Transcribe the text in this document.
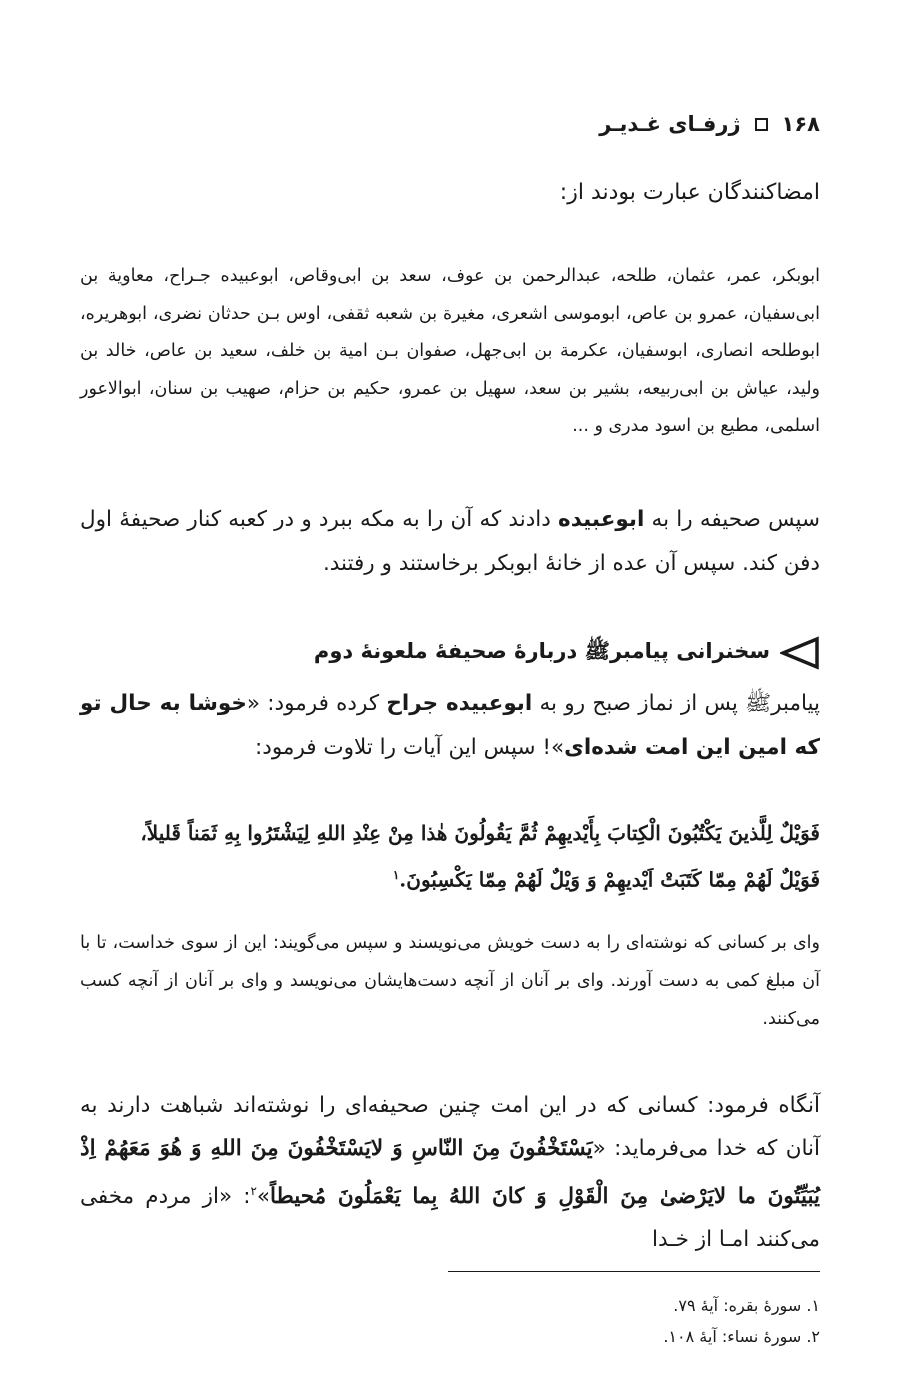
۱۶۸
ژرفـای غـدیـر
امضاکنندگان عبارت بودند از:
ابوبکر، عمر، عثمان، طلحه، عبدالرحمن بن عوف، سعد بن ابی‌وقاص، ابوعبیده جـراح، معاویة بن ابی‌سفیان، عمرو بن عاص، ابوموسی اشعری، مغیرة بن شعبه ثقفی، اوس بـن حدثان نضری، ابوهریره، ابوطلحه انصاری، ابوسفیان، عکرمة بن ابی‌جهل، صفوان بـن امیة بن خلف، سعید بن عاص، خالد بن ولید، عیاش بن ابی‌ربیعه، بشیر بن سعد، سهیل بن عمرو، حکیم بن حزام، صهیب بن سنان، ابوالاعور اسلمی، مطیع بن اسود مدری و ...
سپس صحیفه را به ابوعبیده دادند که آن را به مکه ببرد و در کعبه کنار صحیفهٔ اول دفن کند. سپس آن عده از خانهٔ ابوبکر برخاستند و رفتند.
سخنرانی پیامبرﷺ دربارهٔ صحیفهٔ ملعونهٔ دوم
پیامبرﷺ پس از نماز صبح رو به ابوعبیده جراح کرده فرمود: «خوشا به حال تو که امین این امت شده‌ای»! سپس این آیات را تلاوت فرمود:
فَوَیْلٌ لِلَّذینَ یَکْتُبُونَ الْکِتابَ بِأَیْدیهِمْ ثُمَّ یَقُولُونَ هٰذا مِنْ عِنْدِ اللهِ لِیَشْتَرُوا بِهِ ثَمَناً قَلیلاً،
فَوَیْلٌ لَهُمْ مِمّا کَتَبَتْ اَیْدیهِمْ وَ وَیْلٌ لَهُمْ مِمّا یَکْسِبُونَ.$^۱$
وای بر کسانی که نوشته‌ای را به دست خویش می‌نویسند و سپس می‌گویند: این از سوی خداست، تا با آن مبلغ کمی به دست آورند. وای بر آنان از آنچه دست‌هایشان می‌نویسد و وای بر آنان از آنچه کسب می‌کنند.
آنگاه فرمود: کسانی که در این امت چنین صحیفه‌ای را نوشته‌اند شباهت دارند به آنان که خدا می‌فرماید: «یَسْتَخْفُونَ مِنَ النّاسِ وَ لایَسْتَخْفُونَ مِنَ اللهِ وَ هُوَ مَعَهُمْ اِذْ یُبَیِّتُونَ ما لایَرْضیٰ مِنَ الْقَوْلِ وَ کانَ اللهُ بِما یَعْمَلُونَ مُحیطاً»$^۲$: «از مردم مخفی می‌کنند امـا از خـدا
۱. سورهٔ بقره: آیهٔ ۷۹.
۲. سورهٔ نساء: آیهٔ ۱۰۸.
